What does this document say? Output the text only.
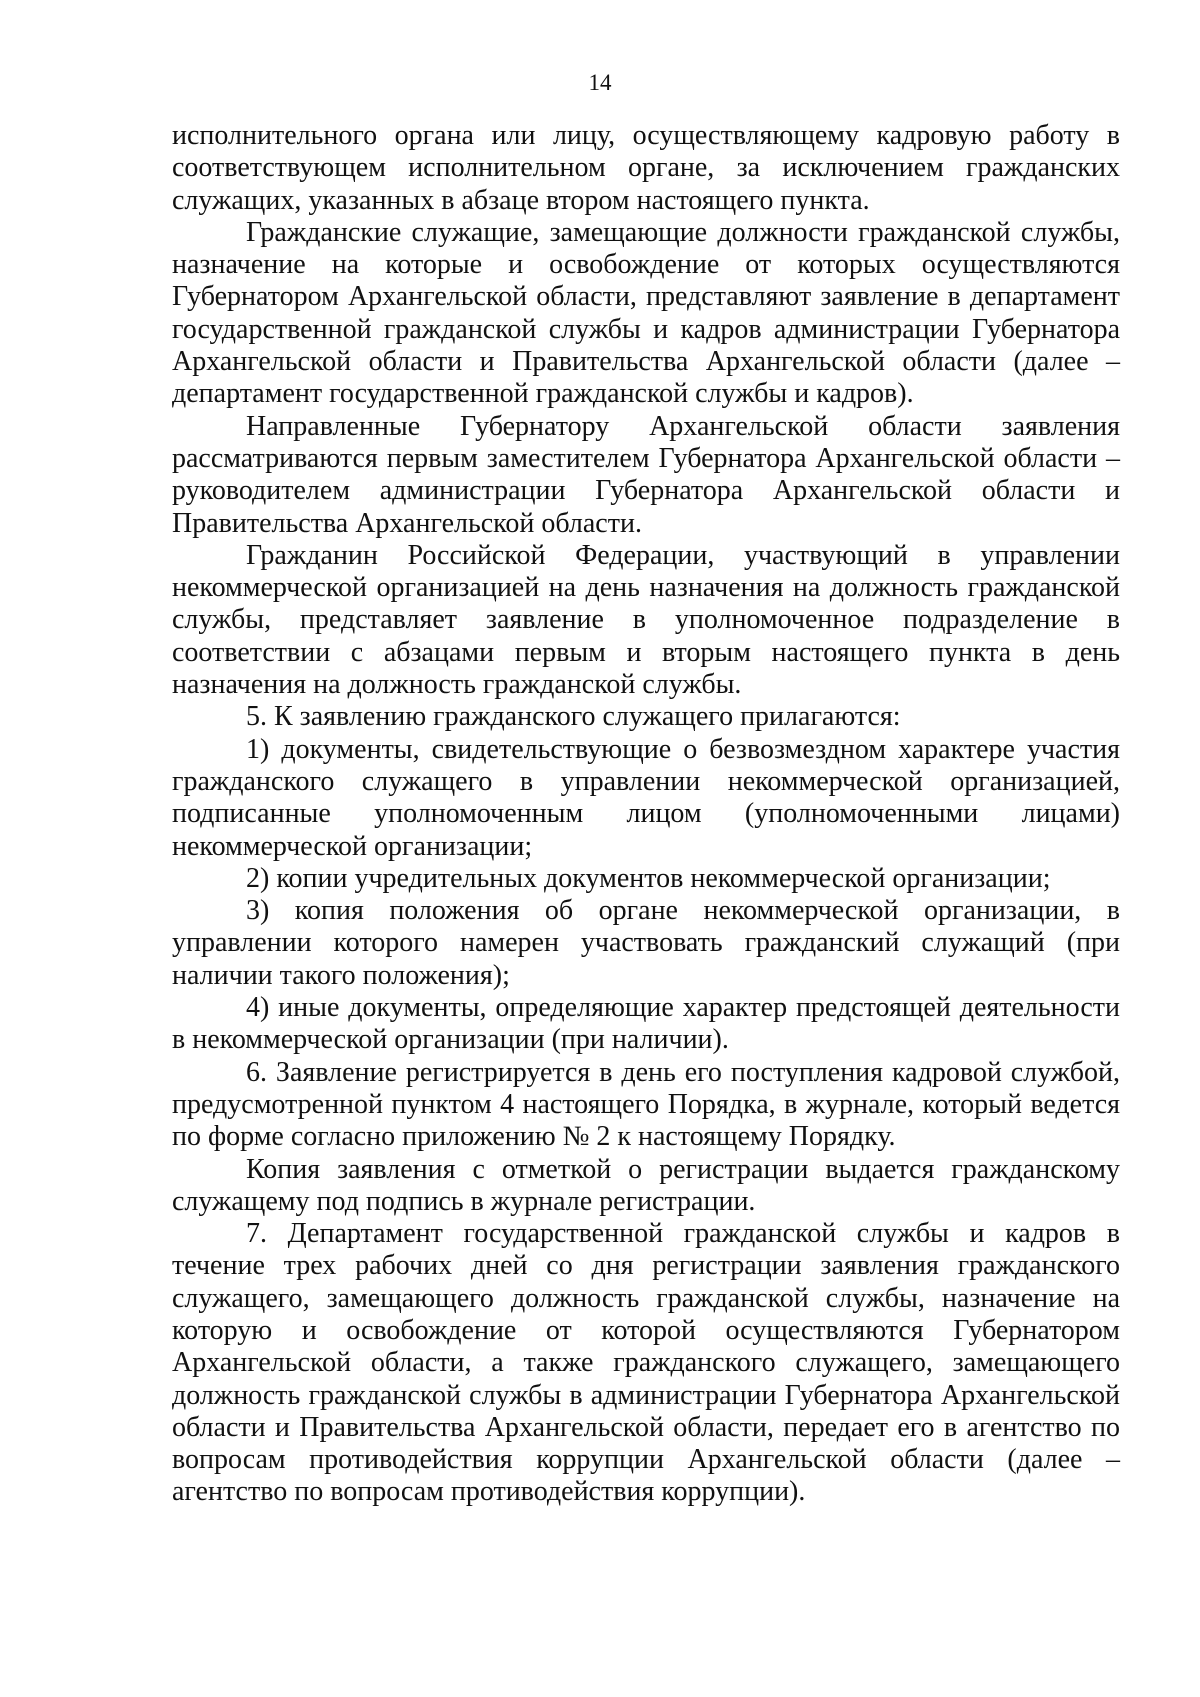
14

исполнительного органа или лицу, осуществляющему кадровую работу в соответствующем исполнительном органе, за исключением гражданских служащих, указанных в абзаце втором настоящего пункта.

Гражданские служащие, замещающие должности гражданской службы, назначение на которые и освобождение от которых осуществляются Губернатором Архангельской области, представляют заявление в департамент государственной гражданской службы и кадров администрации Губернатора Архангельской области и Правительства Архангельской области (далее – департамент государственной гражданской службы и кадров).

Направленные Губернатору Архангельской области заявления рассматриваются первым заместителем Губернатора Архангельской области – руководителем администрации Губернатора Архангельской области и Правительства Архангельской области.

Гражданин Российской Федерации, участвующий в управлении некоммерческой организацией на день назначения на должность гражданской службы, представляет заявление в уполномоченное подразделение в соответствии с абзацами первым и вторым настоящего пункта в день назначения на должность гражданской службы.

5. К заявлению гражданского служащего прилагаются:

1) документы, свидетельствующие о безвозмездном характере участия гражданского служащего в управлении некоммерческой организацией, подписанные уполномоченным лицом (уполномоченными лицами) некоммерческой организации;

2) копии учредительных документов некоммерческой организации;

3) копия положения об органе некоммерческой организации, в управлении которого намерен участвовать гражданский служащий (при наличии такого положения);

4) иные документы, определяющие характер предстоящей деятельности в некоммерческой организации (при наличии).

6. Заявление регистрируется в день его поступления кадровой службой, предусмотренной пунктом 4 настоящего Порядка, в журнале, который ведется по форме согласно приложению № 2 к настоящему Порядку.

Копия заявления с отметкой о регистрации выдается гражданскому служащему под подпись в журнале регистрации.

7. Департамент государственной гражданской службы и кадров в течение трех рабочих дней со дня регистрации заявления гражданского служащего, замещающего должность гражданской службы, назначение на которую и освобождение от которой осуществляются Губернатором Архангельской области, а также гражданского служащего, замещающего должность гражданской службы в администрации Губернатора Архангельской области и Правительства Архангельской области, передает его в агентство по вопросам противодействия коррупции Архангельской области (далее – агентство по вопросам противодействия коррупции).
